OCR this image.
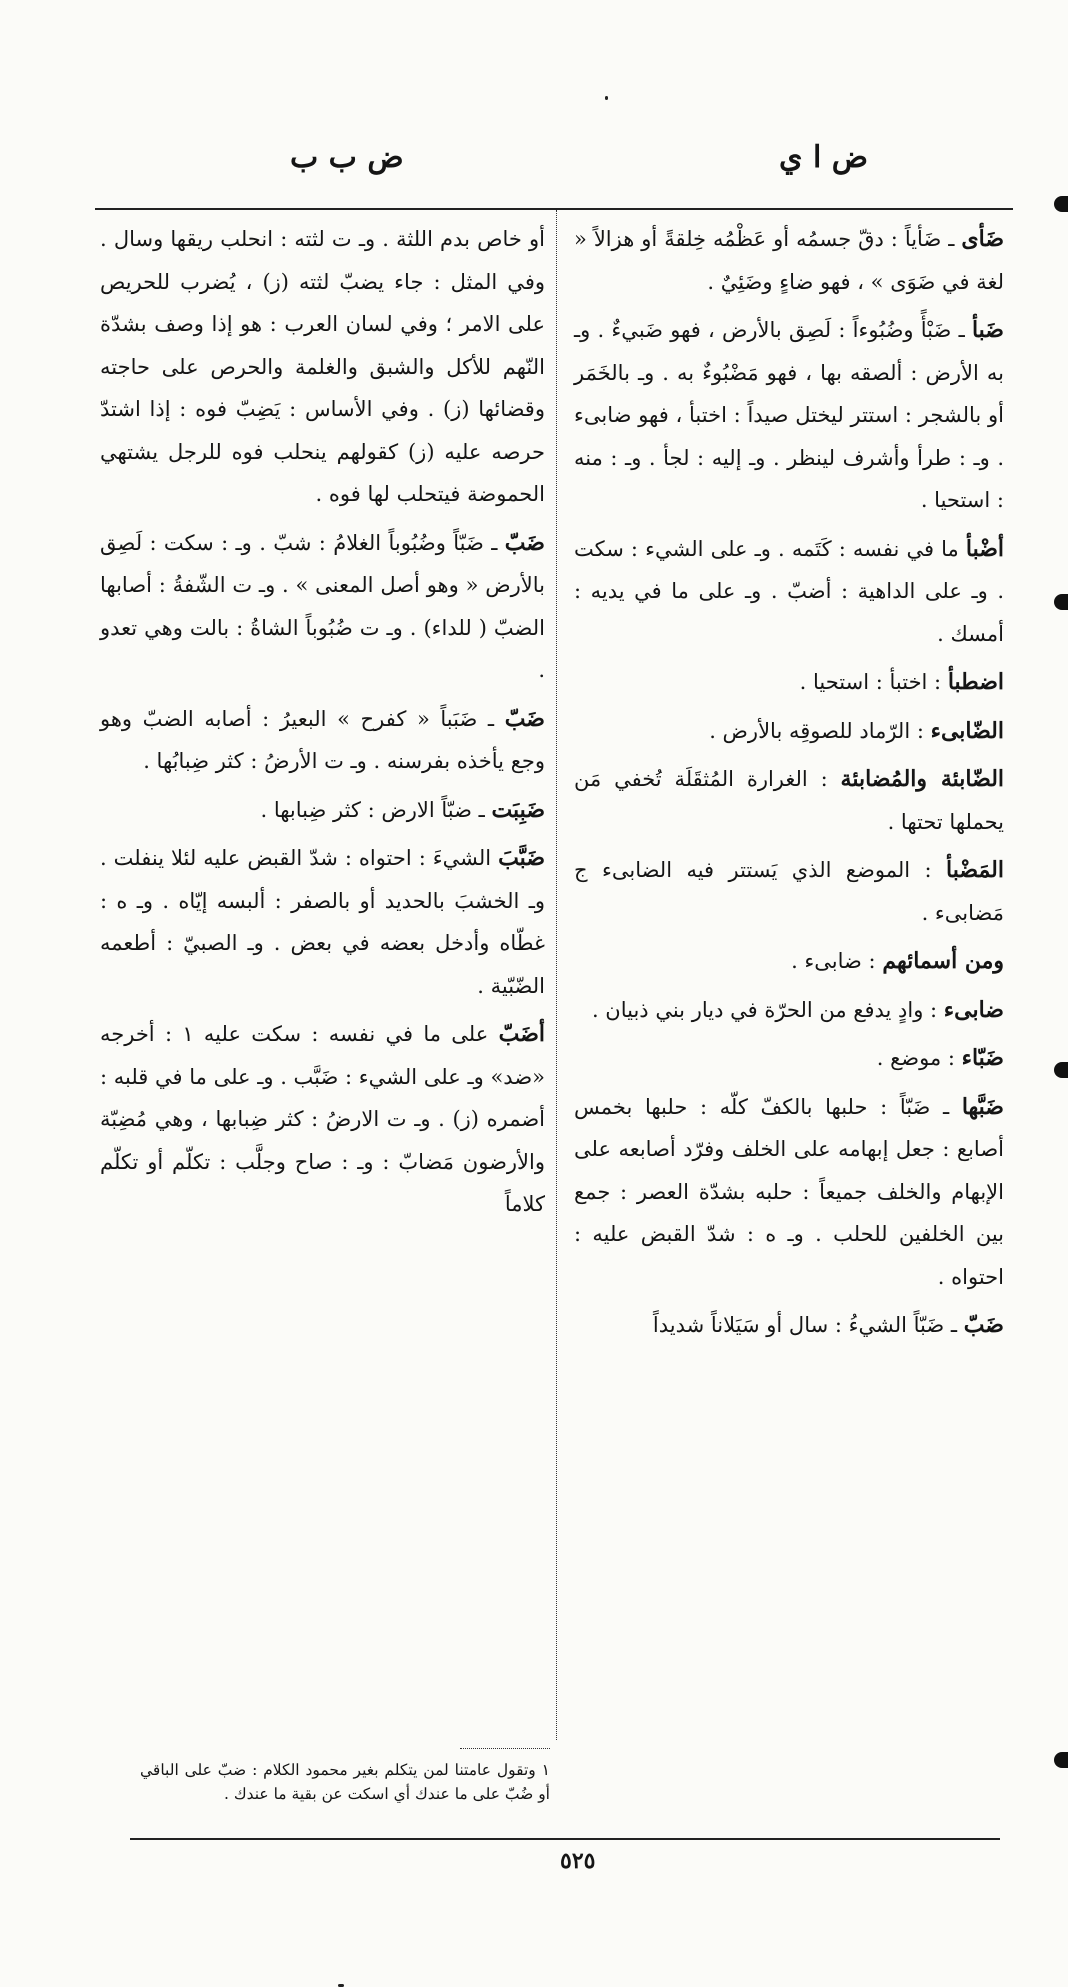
ض ا ي
ض ب ب

ضَأى ـ ضَأياً : دقّ جسمُه أو عَظْمُه خِلقةً أو هزالاً « لغة في ضَوَى » ، فهو ضاءٍ وضَئِيٌ .

ضَبأ ـ ضَبْأً وضُبُوءاً : لَصِق بالأرض ، فهو ضَبيءٌ . وـ به الأرض : ألصقه بها ، فهو مَضْبُوءٌ به . وـ بالخَمَر أو بالشجر : استتر ليختل صيداً : اختبأ ، فهو ضابىء . وـ : طرأ وأشرف لينظر . وـ إليه : لجأ . وـ : منه : استحيا .

أضْبأ ما في نفسه : كَتَمه . وـ على الشيء : سكت . وـ على الداهية : أضبّ . وـ على ما في يديه : أمسك .

اضطبأ : اختبأ : استحيا .

الضّابىء : الرّماد للصوقِه بالأرض .

الضّابئة والمُضابئة : الغرارة المُثقَلَة تُخفي مَن يحملها تحتها .

المَضْبأ : الموضع الذي يَستتر فيه الضابىء ج مَضابىء .

ومن أسمائهم : ضابىء .

ضابىء : وادٍ يدفع من الحرّة في ديار بني ذبيان .

ضَبّاء : موضع .

ضَبَّها ـ ضَبّاً : حلبها بالكفّ كلّه : حلبها بخمس أصابع : جعل إبهامه على الخلف وفرّد أصابعه على الإبهام والخلف جميعاً : حلبه بشدّة العصر : جمع بين الخلفين للحلب . وـ ه : شدّ القبض عليه : احتواه .

ضَبّ ـ ضَبّاً الشيءُ : سال أو سَيَلاناً شديداً

أو خاص بدم اللثة . وـ ت لثته : انحلب ريقها وسال . وفي المثل : جاء يضبّ لثته (ز) ، يُضرب للحريص على الامر ؛ وفي لسان العرب : هو إذا وصف بشدّة النّهم للأكل والشبق والغلمة والحرص على حاجته وقضائها (ز) . وفي الأساس : يَضِبّ فوه : إذا اشتدّ حرصه عليه (ز) كقولهم ينحلب فوه للرجل يشتهي الحموضة فيتحلب لها فوه .

ضَبّ ـ ضَبّاً وضُبُوباً الغلامُ : شبّ . وـ : سكت : لَصِق بالأرض « وهو أصل المعنى » . وـ ت الشّفةُ : أصابها الضبّ ( للداء) . وـ ت ضُبُوباً الشاةُ : بالت وهي تعدو .

ضَبّ ـ ضَبَباً « كفرح » البعيرُ : أصابه الضبّ وهو وجع يأخذه بفرسنه . وـ ت الأرضُ : كثر ضِبابُها .

ضَبِبَت ـ ضبّاً الارض : كثر ضِبابها .

ضَبَّبَ الشيءَ : احتواه : شدّ القبض عليه لئلا ينفلت . وـ الخشبَ بالحديد أو بالصفر : ألبسه إيّاه . وـ ه : غطّاه وأدخل بعضه في بعض . وـ الصبيّ : أطعمه الضّبّية .

أضَبّ على ما في نفسه : سكت عليه ١ : أخرجه «ضد» وـ على الشيء : ضَبَّب . وـ على ما في قلبه : أضمره (ز) . وـ ت الارضُ : كثر ضِبابها ، وهي مُضِبّة والأرضون مَضابّ : وـ : صاح وجلَّب : تكلّم أو تكلّم كلاماً

١ وتقول عامتنا لمن يتكلم بغير محمود الكلام : ضبّ على الباقي أو ضُبّ على ما عندك أي اسكت عن بقية ما عندك .
٥٢٥
